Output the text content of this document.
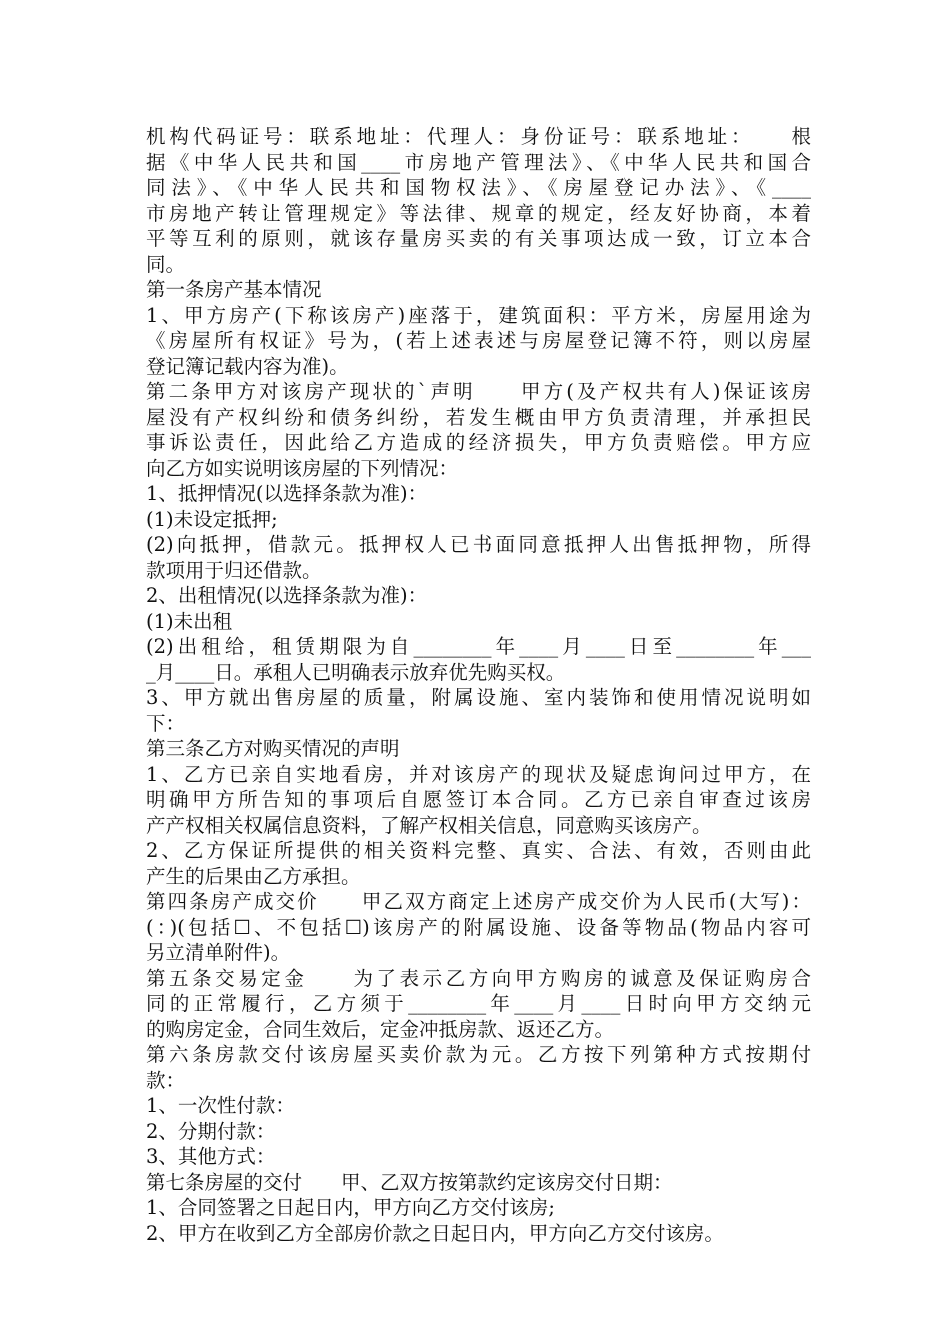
机构代码证号：联系地址：代理人：身份证号：联系地址：　　根
据《中华人民共和国____市房地产管理法》、《中华人民共和国合
同法》、《中华人民共和国物权法》、《房屋登记办法》、《____
市房地产转让管理规定》等法律、规章的规定，经友好协商，本着
平等互利的原则，就该存量房买卖的有关事项达成一致，订立本合
同。
第一条房产基本情况
1、甲方房产(下称该房产)座落于，建筑面积：平方米，房屋用途为
《房屋所有权证》号为，(若上述表述与房屋登记簿不符，则以房屋
登记簿记载内容为准)。
第二条甲方对该房产现状的`声明　　甲方(及产权共有人)保证该房
屋没有产权纠纷和债务纠纷，若发生概由甲方负责清理，并承担民
事诉讼责任，因此给乙方造成的经济损失，甲方负责赔偿。甲方应
向乙方如实说明该房屋的下列情况：
1、抵押情况(以选择条款为准)：
(1)未设定抵押;
(2)向抵押，借款元。抵押权人已书面同意抵押人出售抵押物，所得
款项用于归还借款。
2、出租情况(以选择条款为准)：
(1)未出租
(2)出租给，租赁期限为自________年____月____日至________年___
_月____日。承租人已明确表示放弃优先购买权。
3、甲方就出售房屋的质量，附属设施、室内装饰和使用情况说明如
下：
第三条乙方对购买情况的声明
1、乙方已亲自实地看房，并对该房产的现状及疑虑询问过甲方，在
明确甲方所告知的事项后自愿签订本合同。乙方已亲自审查过该房
产产权相关权属信息资料，了解产权相关信息，同意购买该房产。
2、乙方保证所提供的相关资料完整、真实、合法、有效，否则由此
产生的后果由乙方承担。
第四条房产成交价　　甲乙双方商定上述房产成交价为人民币(大写)：
(：)(包括☐、不包括☐)该房产的附属设施、设备等物品(物品内容可
另立清单附件)。
第五条交易定金　　为了表示乙方向甲方购房的诚意及保证购房合
同的正常履行，乙方须于________年____月____日时向甲方交纳元
的购房定金，合同生效后，定金冲抵房款、返还乙方。
第六条房款交付该房屋买卖价款为元。乙方按下列第种方式按期付
款：
1、一次性付款：
2、分期付款：
3、其他方式：
第七条房屋的交付　　甲、乙双方按第款约定该房交付日期：
1、合同签署之日起日内，甲方向乙方交付该房;
2、甲方在收到乙方全部房价款之日起日内，甲方向乙方交付该房。
